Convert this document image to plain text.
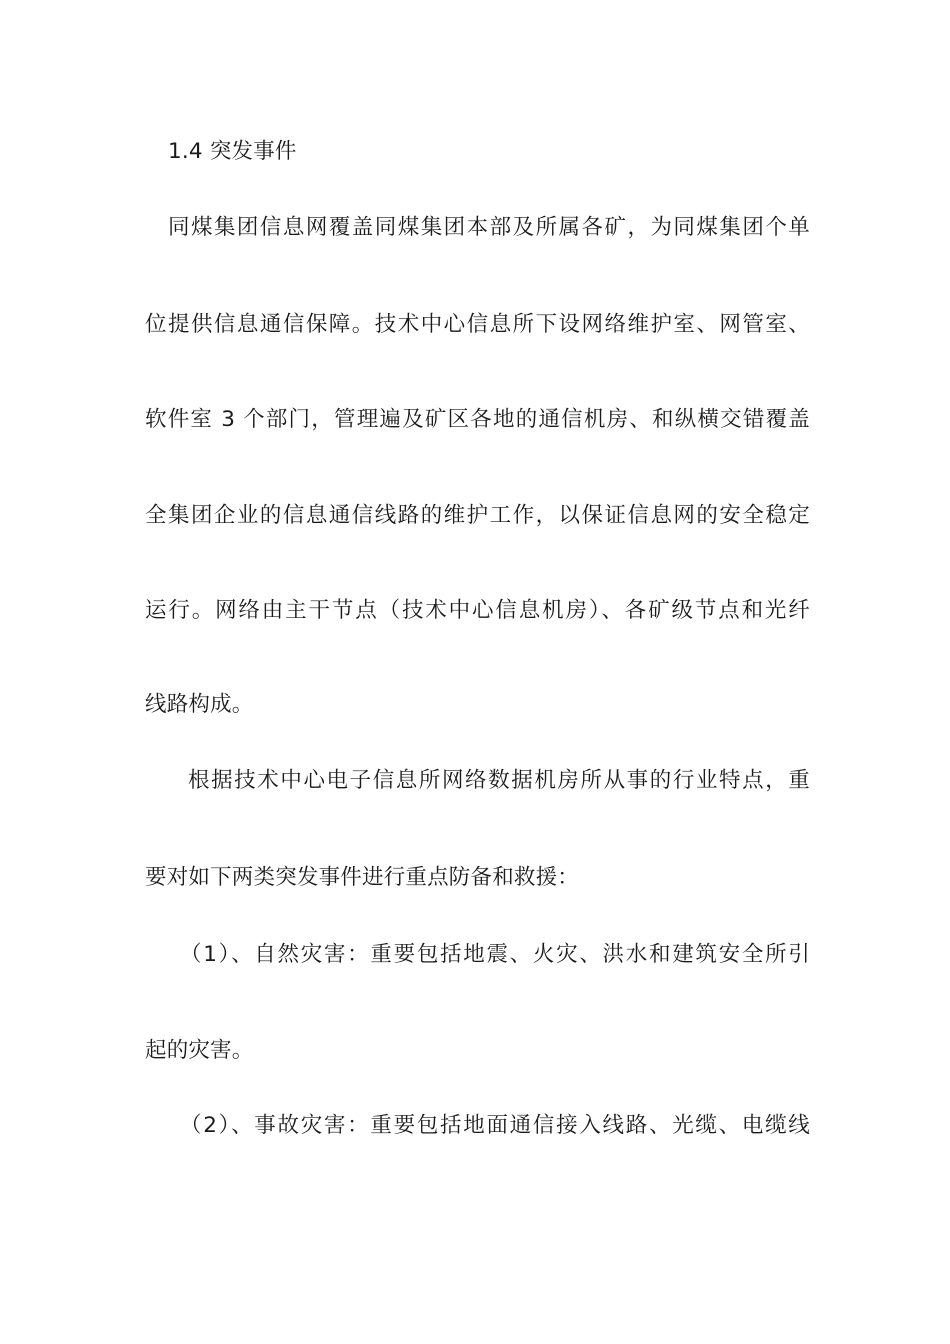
1.4 突发事件
同煤集团信息网覆盖同煤集团本部及所属各矿，为同煤集团个单
位提供信息通信保障。技术中心信息所下设网络维护室、网管室、
软件室 3 个部门，管理遍及矿区各地的通信机房、和纵横交错覆盖
全集团企业的信息通信线路的维护工作，以保证信息网的安全稳定
运行。网络由主干节点（技术中心信息机房）、各矿级节点和光纤
线路构成。
根据技术中心电子信息所网络数据机房所从事的行业特点，重
要对如下两类突发事件进行重点防备和救援：
（1）、自然灾害：重要包括地震、火灾、洪水和建筑安全所引
起的灾害。
（2）、事故灾害：重要包括地面通信接入线路、光缆、电缆线
